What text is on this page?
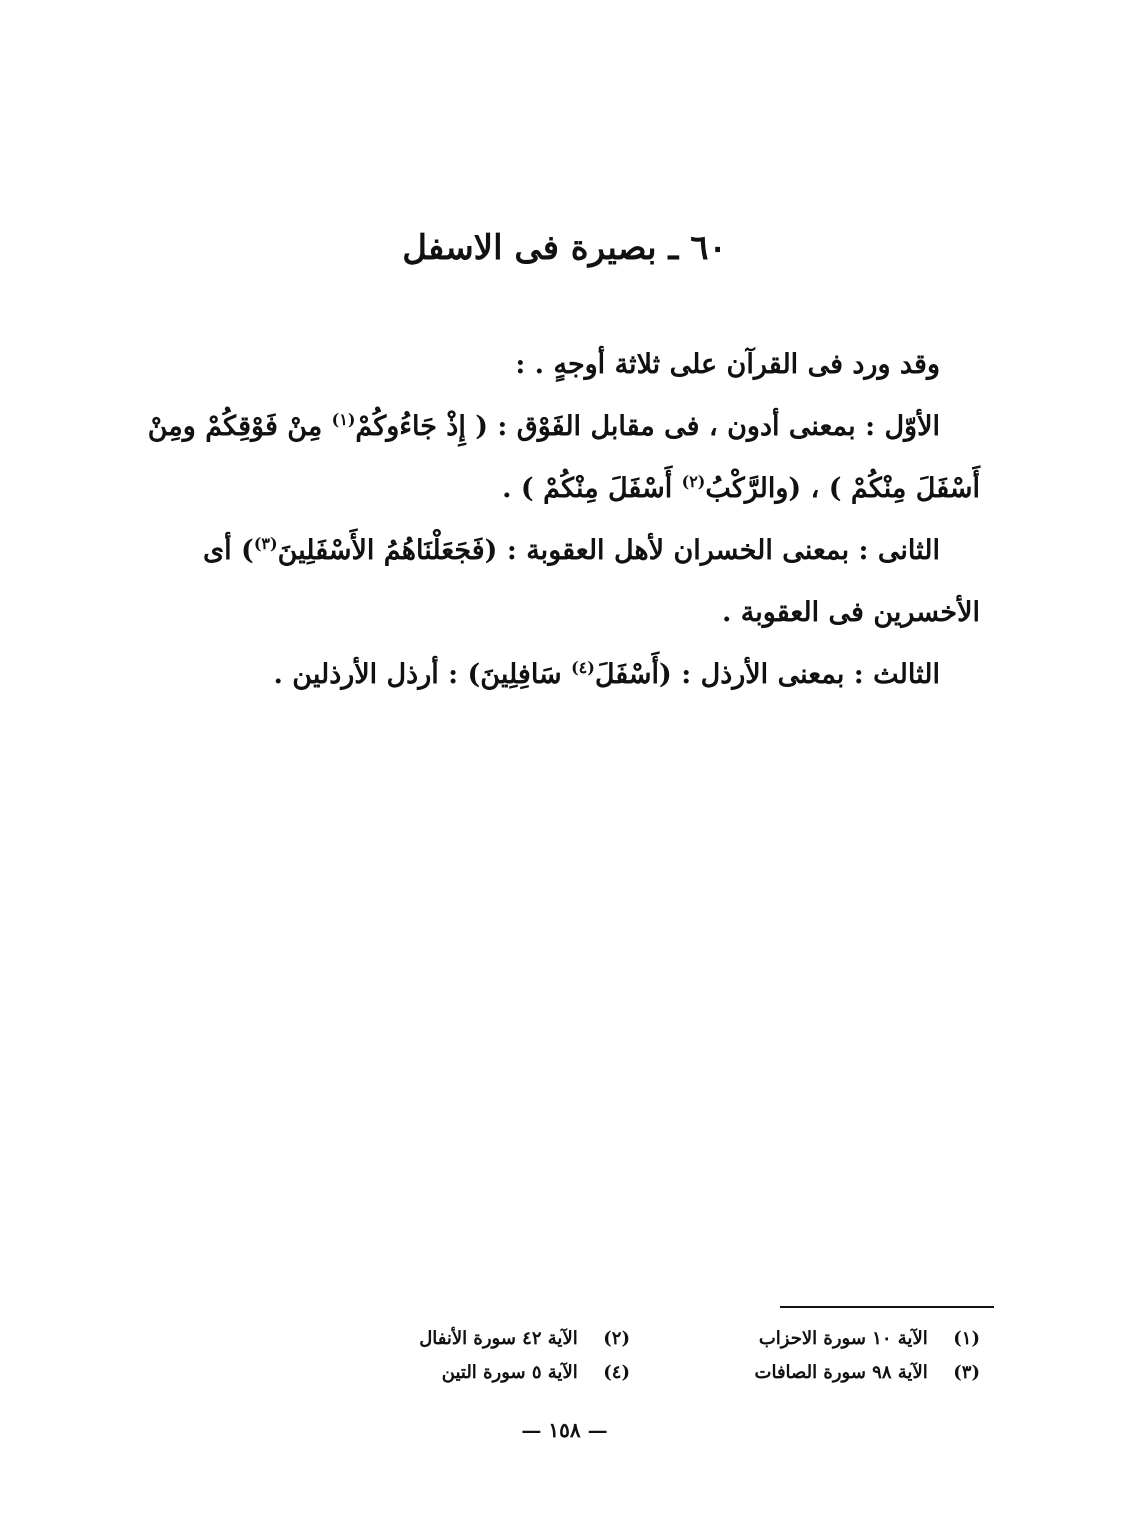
٦٠ ـ بصيرة فى الاسفل

وقد ورد فى القرآن على ثلاثة أوجهٍ . :

الأوّل : بمعنى أدون ، فى مقابل الفَوْق : ( إِذْ جَاءُوكُمْ$^{(١)}$ مِنْ فَوْقِكُمْ ومِنْ أَسْفَلَ مِنْكُمْ ) ، (والرَّكْبُ$^{(٢)}$ أَسْفَلَ مِنْكُمْ ) .

الثانى : بمعنى الخسران لأهل العقوبة : (فَجَعَلْنَاهُمُ الأَسْفَلِينَ$^{(٣)}$) أى الأخسرين فى العقوبة .

الثالث : بمعنى الأرذل : (أَسْفَلَ$^{(٤)}$ سَافِلِينَ) : أرذل الأرذلين .

(١) الآية ١٠ سورة الاحزاب
(٢) الآية ٤٢ سورة الأنفال
(٣) الآية ٩٨ سورة الصافات
(٤) الآية ٥ سورة التين
— ١٥٨ —
